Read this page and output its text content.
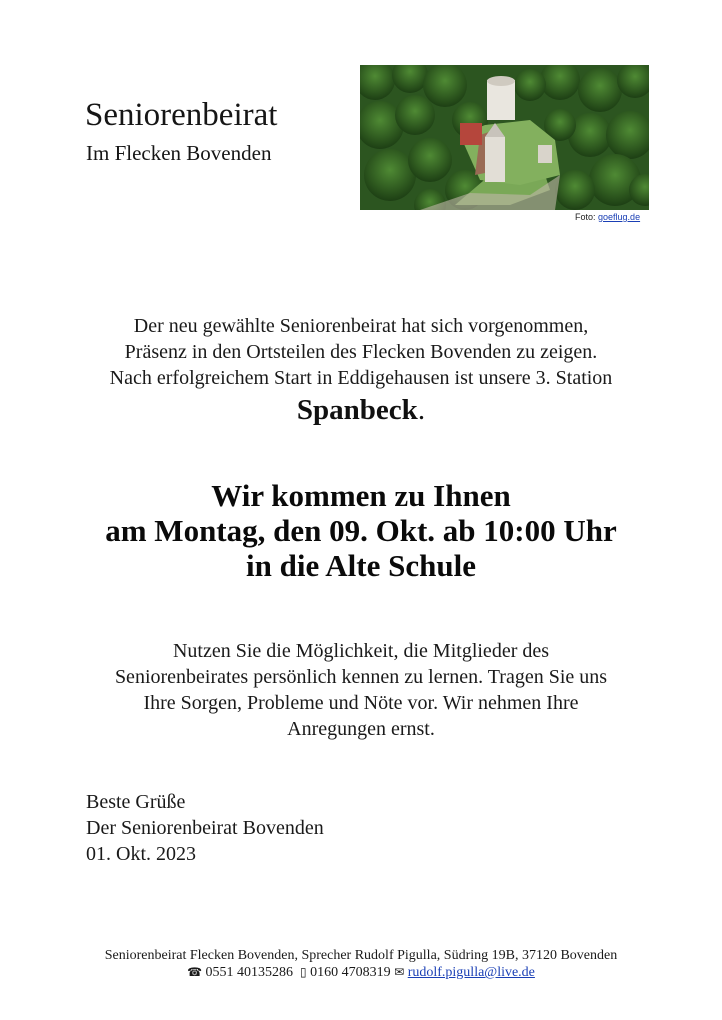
Seniorenbeirat
Im Flecken Bovenden
Foto: goeflug.de
Der neu gewählte Seniorenbeirat hat sich vorgenommen,
Präsenz in den Ortsteilen des Flecken Bovenden zu zeigen.
Nach erfolgreichem Start in Eddigehausen ist unsere 3. Station
Spanbeck.
Wir kommen zu Ihnen
am Montag, den 09. Okt. ab 10:00 Uhr
in die Alte Schule
Nutzen Sie die Möglichkeit, die Mitglieder des
Seniorenbeirates persönlich kennen zu lernen. Tragen Sie uns
Ihre Sorgen, Probleme und Nöte vor. Wir nehmen Ihre
Anregungen ernst.
Beste Grüße
Der Seniorenbeirat Bovenden
01. Okt. 2023
Seniorenbeirat Flecken Bovenden, Sprecher Rudolf Pigulla, Südring 19B, 37120 Bovenden
☎ 0551 40135286 ▯ 0160 4708319 ✉ rudolf.pigulla@live.de
